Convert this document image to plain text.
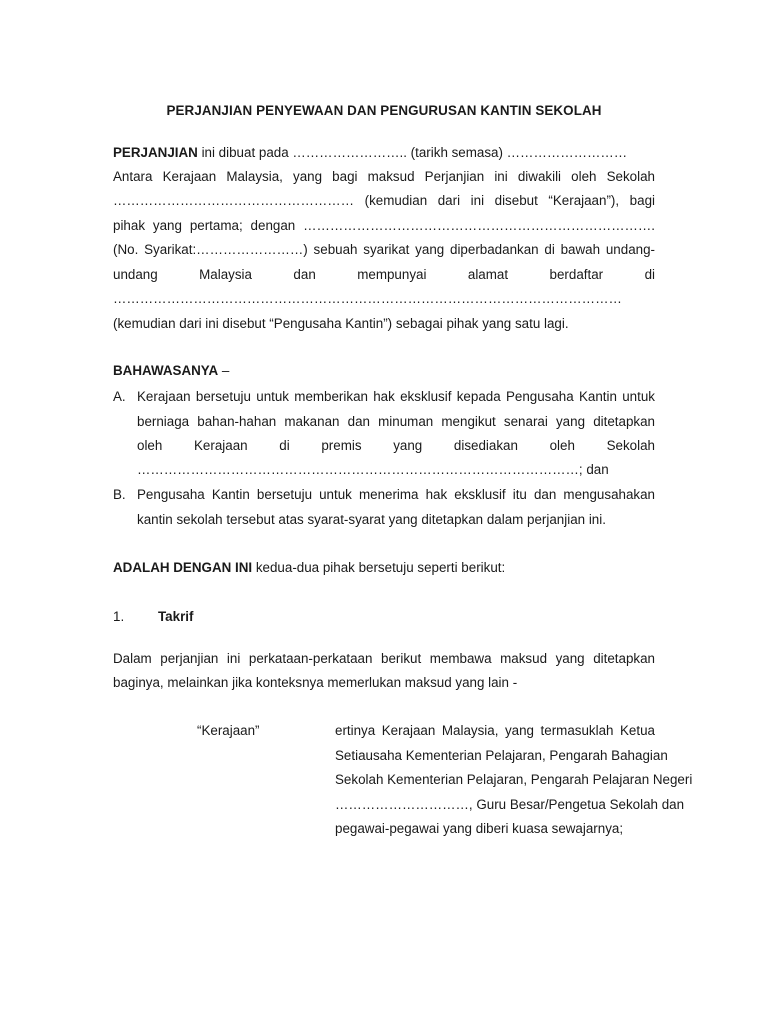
PERJANJIAN PENYEWAAN DAN PENGURUSAN KANTIN SEKOLAH
PERJANJIAN ini dibuat pada …………………….. (tarikh semasa) ………………………
Antara Kerajaan Malaysia, yang bagi maksud Perjanjian ini diwakili oleh Sekolah
……………………………………………… (kemudian dari ini disebut “Kerajaan”), bagi
pihak yang pertama; dengan …………………………………………………………………….
(No. Syarikat:……………………) sebuah syarikat yang diperbadankan di bawah undang-
undang Malaysia dan mempunyai alamat berdaftar di
……………………………………………………………………………………………………
(kemudian dari ini disebut “Pengusaha Kantin”) sebagai pihak yang satu lagi.
BAHAWASANYA –
A. Kerajaan bersetuju untuk memberikan hak eksklusif kepada Pengusaha Kantin untuk
berniaga bahan-hahan makanan dan minuman mengikut senarai yang ditetapkan
oleh Kerajaan di premis yang disediakan oleh Sekolah
………………………………………………………………………………………; dan
B. Pengusaha Kantin bersetuju untuk menerima hak eksklusif itu dan mengusahakan
kantin sekolah tersebut atas syarat-syarat yang ditetapkan dalam perjanjian ini.
ADALAH DENGAN INI kedua-dua pihak bersetuju seperti berikut:
1.	Takrif
Dalam perjanjian ini perkataan-perkataan berikut membawa maksud yang ditetapkan
baginya, melainkan jika konteksnya memerlukan maksud yang lain -
“Kerajaan”	ertinya Kerajaan Malaysia, yang termasuklah Ketua
Setiausaha Kementerian Pelajaran, Pengarah Bahagian
Sekolah Kementerian Pelajaran, Pengarah Pelajaran Negeri
…………………………, Guru Besar/Pengetua Sekolah dan
pegawai-pegawai yang diberi kuasa sewajarnya;
